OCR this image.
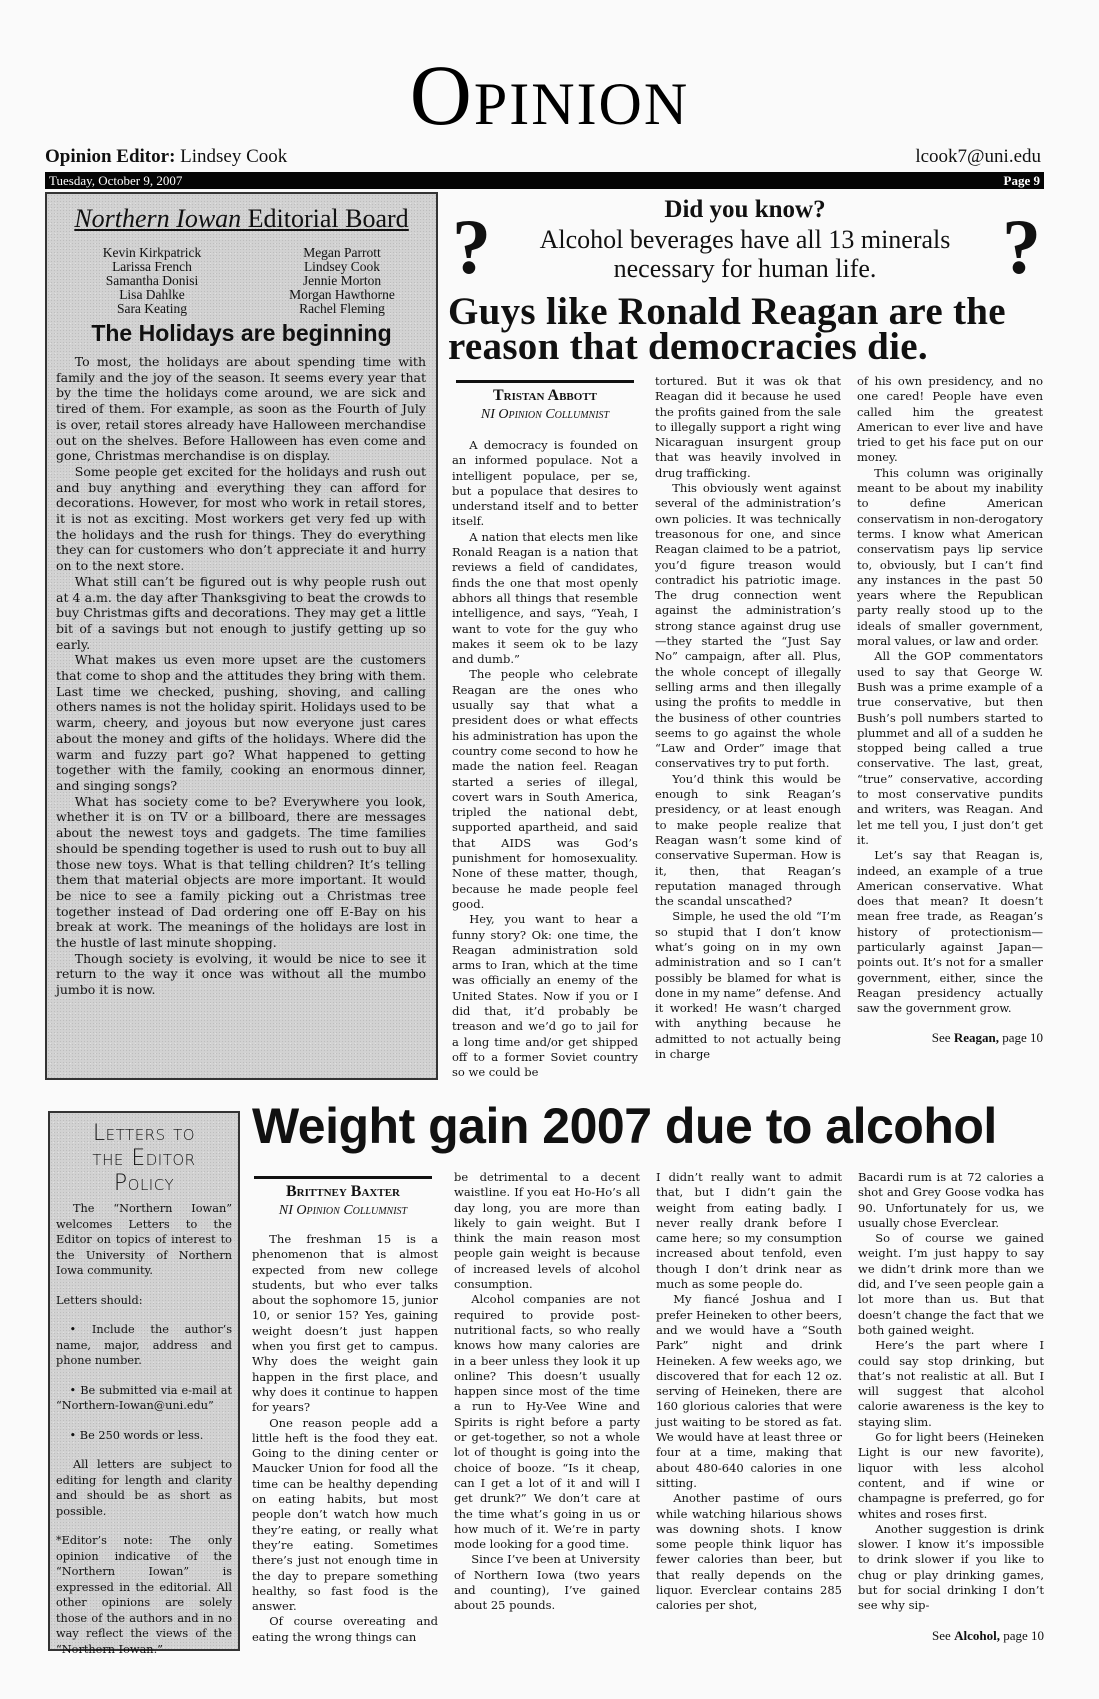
Opinion
Opinion Editor: Lindsey Cook	lcook7@uni.edu
Tuesday, October 9, 2007	Page 9
Northern Iowan Editorial Board
Kevin Kirkpatrick
Larissa French
Samantha Donisi
Lisa Dahlke
Sara Keating
Megan Parrott
Lindsey Cook
Jennie Morton
Morgan Hawthorne
Rachel Fleming
The Holidays are beginning

To most, the holidays are about spending time with family and the joy of the season. It seems every year that by the time the holidays come around, we are sick and tired of them. For example, as soon as the Fourth of July is over, retail stores already have Halloween merchandise out on the shelves. Before Halloween has even come and gone, Christmas merchandise is on display.

Some people get excited for the holidays and rush out and buy anything and everything they can afford for decorations. However, for most who work in retail stores, it is not as exciting. Most workers get very fed up with the holidays and the rush for things. They do everything they can for customers who don’t appreciate it and hurry on to the next store.

What still can’t be figured out is why people rush out at 4 a.m. the day after Thanksgiving to beat the crowds to buy Christmas gifts and decorations. They may get a little bit of a savings but not enough to justify getting up so early.

What makes us even more upset are the customers that come to shop and the attitudes they bring with them. Last time we checked, pushing, shoving, and calling others names is not the holiday spirit. Holidays used to be warm, cheery, and joyous but now everyone just cares about the money and gifts of the holidays. Where did the warm and fuzzy part go? What happened to getting together with the family, cooking an enormous dinner, and singing songs?

What has society come to be? Everywhere you look, whether it is on TV or a billboard, there are messages about the newest toys and gadgets. The time families should be spending together is used to rush out to buy all those new toys. What is that telling children? It’s telling them that material objects are more important. It would be nice to see a family picking out a Christmas tree together instead of Dad ordering one off E-Bay on his break at work. The meanings of the holidays are lost in the hustle of last minute shopping.

Though society is evolving, it would be nice to see it return to the way it once was without all the mumbo jumbo it is now.

?	?
Did you know?
Alcohol beverages have all 13 minerals necessary for human life.
Guys like Ronald Reagan are the reason that democracies die.
Tristan Abbott
NI Opinion Collumnist

A democracy is founded on an informed populace. Not a intelligent populace, per se, but a populace that desires to understand itself and to better itself.

A nation that elects men like Ronald Reagan is a nation that reviews a field of candidates, finds the one that most openly abhors all things that resemble intelligence, and says, “Yeah, I want to vote for the guy who makes it seem ok to be lazy and dumb.”

The people who celebrate Reagan are the ones who usually say that what a president does or what effects his administration has upon the country come second to how he made the nation feel. Reagan started a series of illegal, covert wars in South America, tripled the national debt, supported apartheid, and said that AIDS was God’s punishment for homosexuality. None of these matter, though, because he made people feel good.

Hey, you want to hear a funny story? Ok: one time, the Reagan administration sold arms to Iran, which at the time was officially an enemy of the United States. Now if you or I did that, it’d probably be treason and we’d go to jail for a long time and/or get shipped off to a former Soviet country so we could be

tortured. But it was ok that Reagan did it because he used the profits gained from the sale to illegally support a right wing Nicaraguan insurgent group that was heavily involved in drug trafficking.

This obviously went against several of the administration’s own policies. It was technically treasonous for one, and since Reagan claimed to be a patriot, you’d figure treason would contradict his patriotic image. The drug connection went against the administration’s strong stance against drug use—they started the “Just Say No” campaign, after all. Plus, the whole concept of illegally selling arms and then illegally using the profits to meddle in the business of other countries seems to go against the whole “Law and Order” image that conservatives try to put forth.

You’d think this would be enough to sink Reagan’s presidency, or at least enough to make people realize that Reagan wasn’t some kind of conservative Superman. How is it, then, that Reagan’s reputation managed through the scandal unscathed?

Simple, he used the old “I’m so stupid that I don’t know what’s going on in my own administration and so I can’t possibly be blamed for what is done in my name” defense. And it worked! He wasn’t charged with anything because he admitted to not actually being in charge

of his own presidency, and no one cared! People have even called him the greatest American to ever live and have tried to get his face put on our money.

This column was originally meant to be about my inability to define American conservatism in non-derogatory terms. I know what American conservatism pays lip service to, obviously, but I can’t find any instances in the past 50 years where the Republican party really stood up to the ideals of smaller government, moral values, or law and order.

All the GOP commentators used to say that George W. Bush was a prime example of a true conservative, but then Bush’s poll numbers started to plummet and all of a sudden he stopped being called a true conservative. The last, great, “true” conservative, according to most conservative pundits and writers, was Reagan. And let me tell you, I just don’t get it.

Let’s say that Reagan is, indeed, an example of a true American conservative. What does that mean? It doesn’t mean free trade, as Reagan’s history of protectionism—particularly against Japan—points out. It’s not for a smaller government, either, since the Reagan presidency actually saw the government grow.

See Reagan, page 10
Letters to
the Editor
Policy

The “Northern Iowan” welcomes Letters to the Editor on topics of interest to the University of Northern Iowa community.

Letters should:

• Include the author’s name, major, address and phone number.

• Be submitted via e-mail at “Northern-Iowan@uni.edu”

• Be 250 words or less.

All letters are subject to editing for length and clarity and should be as short as possible.

*Editor’s note: The only opinion indicative of the “Northern Iowan” is expressed in the editorial. All other opinions are solely those of the authors and in no way reflect the views of the “Northern Iowan.”

Weight gain 2007 due to alcohol
Brittney Baxter
NI Opinion Collumnist

The freshman 15 is a phenomenon that is almost expected from new college students, but who ever talks about the sophomore 15, junior 10, or senior 15? Yes, gaining weight doesn’t just happen when you first get to campus. Why does the weight gain happen in the first place, and why does it continue to happen for years?

One reason people add a little heft is the food they eat. Going to the dining center or Maucker Union for food all the time can be healthy depending on eating habits, but most people don’t watch how much they’re eating, or really what they’re eating. Sometimes there’s just not enough time in the day to prepare something healthy, so fast food is the answer.

Of course overeating and eating the wrong things can

be detrimental to a decent waistline. If you eat Ho-Ho’s all day long, you are more than likely to gain weight. But I think the main reason most people gain weight is because of increased levels of alcohol consumption.

Alcohol companies are not required to provide post-nutritional facts, so who really knows how many calories are in a beer unless they look it up online? This doesn’t usually happen since most of the time a run to Hy-Vee Wine and Spirits is right before a party or get-together, so not a whole lot of thought is going into the choice of booze. “Is it cheap, can I get a lot of it and will I get drunk?” We don’t care at the time what’s going in us or how much of it. We’re in party mode looking for a good time.

Since I’ve been at University of Northern Iowa (two years and counting), I’ve gained about 25 pounds.

I didn’t really want to admit that, but I didn’t gain the weight from eating badly. I never really drank before I came here; so my consumption increased about tenfold, even though I don’t drink near as much as some people do.

My fiancé Joshua and I prefer Heineken to other beers, and we would have a “South Park” night and drink Heineken. A few weeks ago, we discovered that for each 12 oz. serving of Heineken, there are 160 glorious calories that were just waiting to be stored as fat. We would have at least three or four at a time, making that about 480-640 calories in one sitting.

Another pastime of ours while watching hilarious shows was downing shots. I know some people think liquor has fewer calories than beer, but that really depends on the liquor. Everclear contains 285 calories per shot,

Bacardi rum is at 72 calories a shot and Grey Goose vodka has 90. Unfortunately for us, we usually chose Everclear.

So of course we gained weight. I’m just happy to say we didn’t drink more than we did, and I’ve seen people gain a lot more than us. But that doesn’t change the fact that we both gained weight.

Here’s the part where I could say stop drinking, but that’s not realistic at all. But I will suggest that alcohol calorie awareness is the key to staying slim.

Go for light beers (Heineken Light is our new favorite), liquor with less alcohol content, and if wine or champagne is preferred, go for whites and roses first.

Another suggestion is drink slower. I know it’s impossible to drink slower if you like to chug or play drinking games, but for social drinking I don’t see why sip-

See Alcohol, page 10
